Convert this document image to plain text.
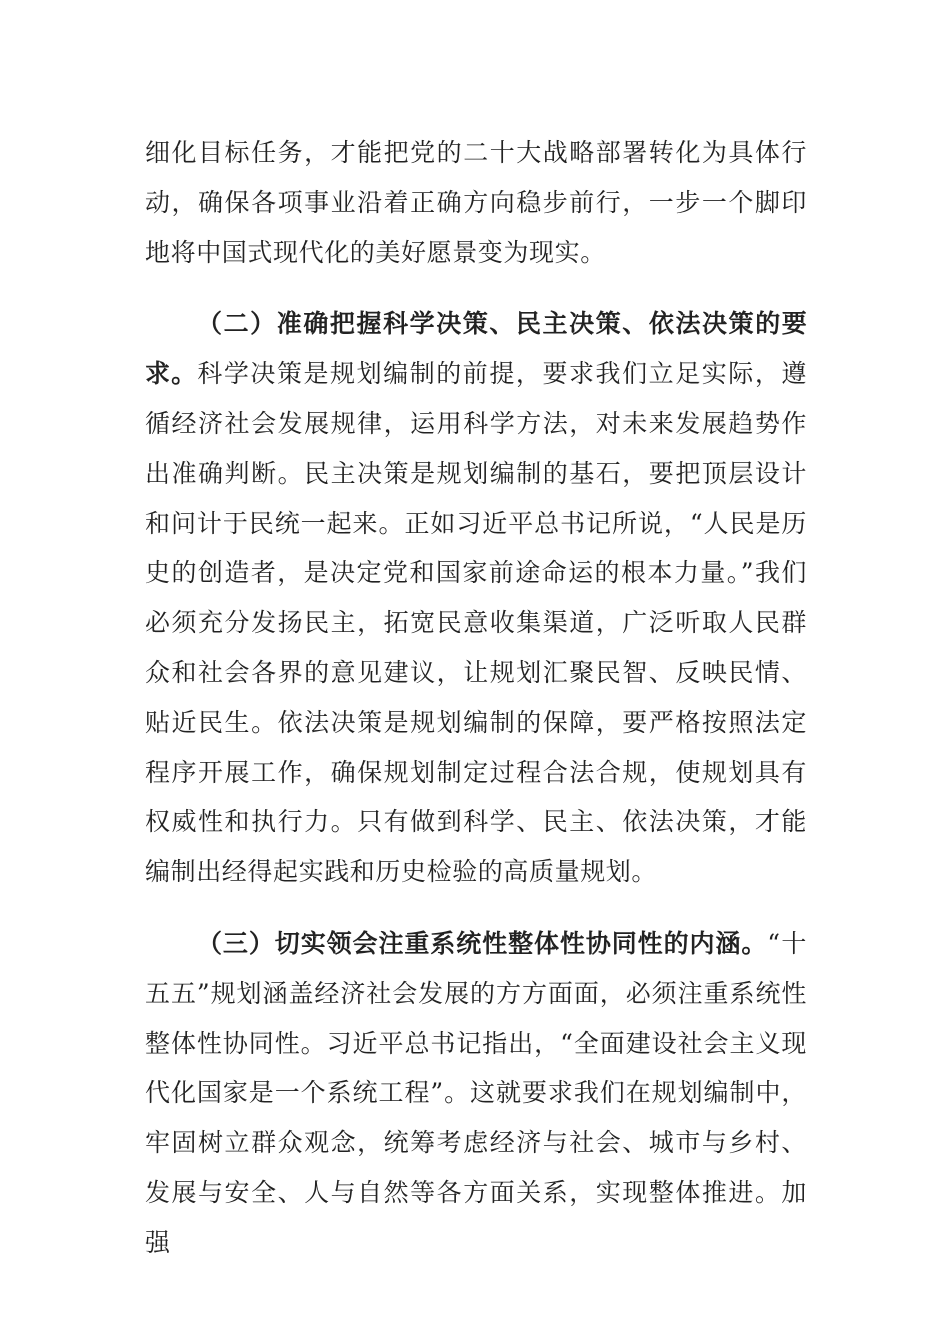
细化目标任务，才能把党的二十大战略部署转化为具体行动，确保各项事业沿着正确方向稳步前行，一步一个脚印地将中国式现代化的美好愿景变为现实。

（二）准确把握科学决策、民主决策、依法决策的要求。科学决策是规划编制的前提，要求我们立足实际，遵循经济社会发展规律，运用科学方法，对未来发展趋势作出准确判断。民主决策是规划编制的基石，要把顶层设计和问计于民统一起来。正如习近平总书记所说，“人民是历史的创造者，是决定党和国家前途命运的根本力量。”我们必须充分发扬民主，拓宽民意收集渠道，广泛听取人民群众和社会各界的意见建议，让规划汇聚民智、反映民情、贴近民生。依法决策是规划编制的保障，要严格按照法定程序开展工作，确保规划制定过程合法合规，使规划具有权威性和执行力。只有做到科学、民主、依法决策，才能编制出经得起实践和历史检验的高质量规划。

（三）切实领会注重系统性整体性协同性的内涵。“十五五”规划涵盖经济社会发展的方方面面，必须注重系统性整体性协同性。习近平总书记指出，“全面建设社会主义现代化国家是一个系统工程”。这就要求我们在规划编制中，牢固树立群众观念，统筹考虑经济与社会、城市与乡村、发展与安全、人与自然等各方面关系，实现整体推进。加强
